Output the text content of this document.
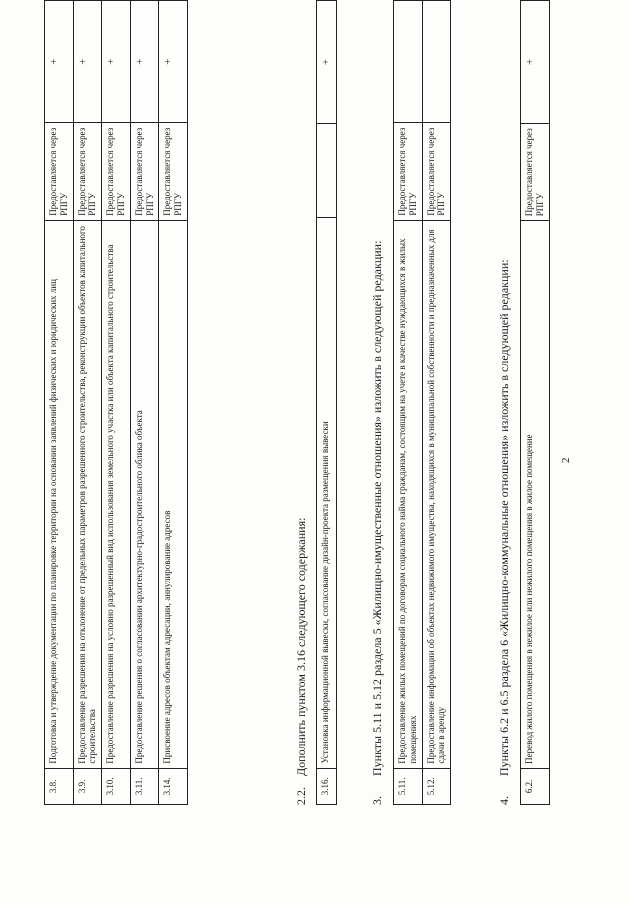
2
3.8.	Подготовка и утверждение документации по планировке территории на основании заявлений физических и юридических лиц	Предоставляется через РПГУ	+
3.9.	Предоставление разрешения на отклонение от предельных параметров разрешенного строительства, реконструкции объектов капитального строительства	Предоставляется через РПГУ	+
3.10.	Предоставление разрешения на условно разрешенный вид использования земельного участка или объекта капитального строительства	Предоставляется через РПГУ	+
3.11.	Предоставление решения о согласовании архитектурно-градостроительного облика объекта	Предоставляется через РПГУ	+
3.14.	Присвоение адресов объектам адресации, аннулирование адресов	Предоставляется через РПГУ	+
2.2. Дополнить пунктом 3.16 следующего содержания:
3.16.	Установка информационной вывески, согласование дизайн-проекта размещения вывески		+
3. Пункты 5.11 и 5.12 раздела 5 «Жилищно-имущественные отношения» изложить в следующей редакции:
5.11.	Предоставление жилых помещений по договорам социального найма гражданам, состоящим на учете в качестве нуждающихся в жилых помещениях	Предоставляется через РПГУ	
5.12.	Предоставление информации об объектах недвижимого имущества, находящихся в муниципальной собственности и предназначенных для сдачи в аренду	Предоставляется через РПГУ	
4. Пункты 6.2 и 6.5 раздела 6 «Жилищно-коммунальные отношения» изложить в следующей редакции:
6.2.	Перевод жилого помещения в нежилое или нежилого помещения в жилое помещение	Предоставляется через РПГУ	+
